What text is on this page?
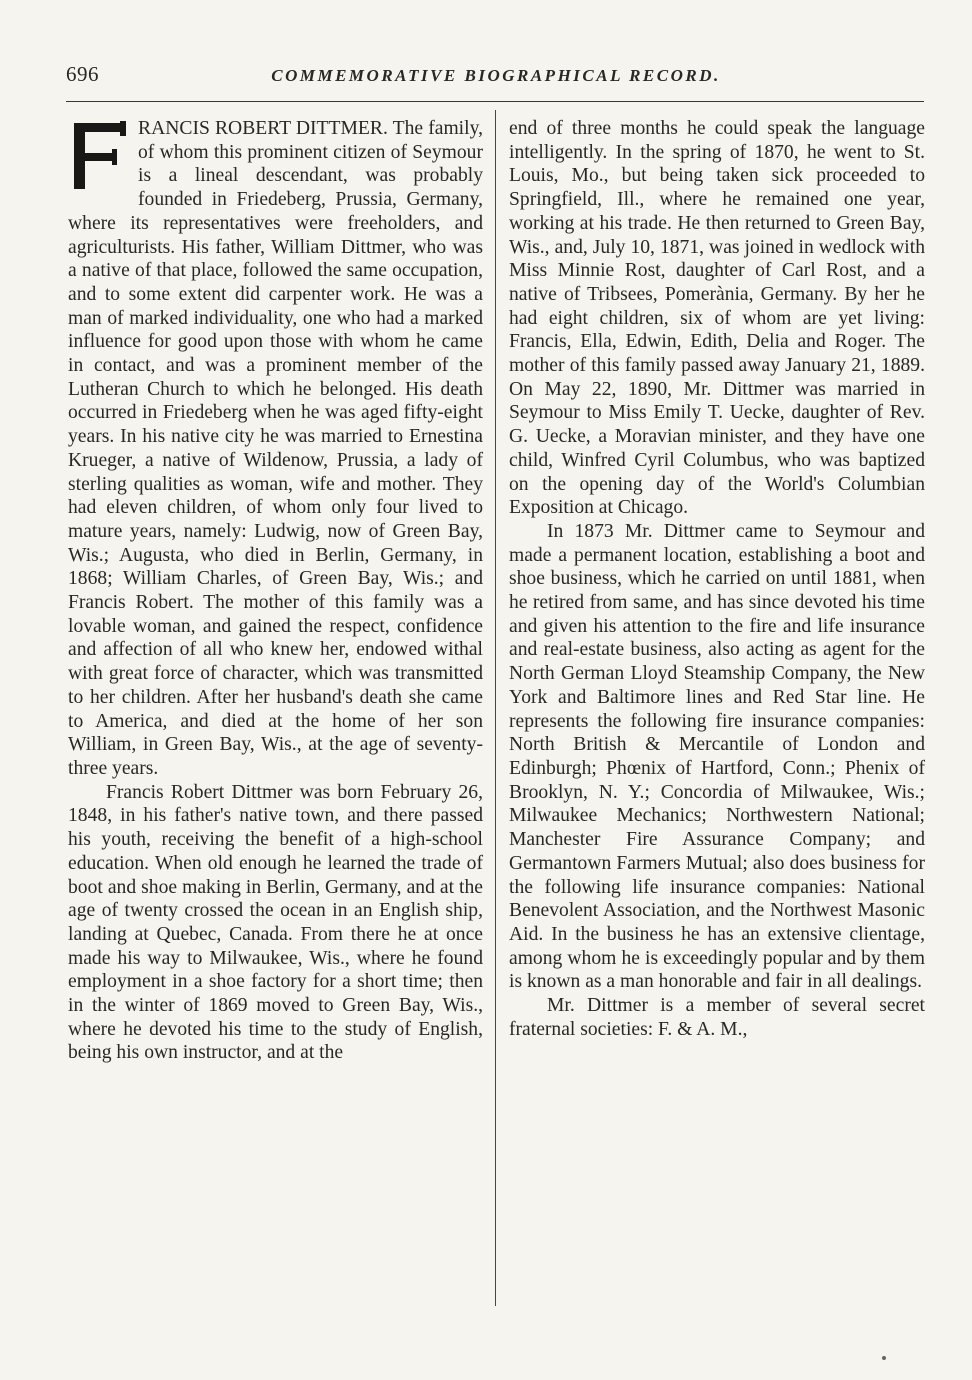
696	COMMEMORATIVE BIOGRAPHICAL RECORD.

RANCIS ROBERT DITTMER. The family, of whom this prominent citizen of Seymour is a lineal descendant, was probably founded in Friedeberg, Prussia, Germany, where its representatives were freeholders, and agriculturists. His father, William Dittmer, who was a native of that place, followed the same occupation, and to some extent did carpenter work. He was a man of marked individuality, one who had a marked influence for good upon those with whom he came in contact, and was a prominent member of the Lutheran Church to which he belonged. His death occurred in Friedeberg when he was aged fifty-eight years. In his native city he was married to Ernestina Krueger, a native of Wildenow, Prussia, a lady of sterling qualities as woman, wife and mother. They had eleven children, of whom only four lived to mature years, namely: Ludwig, now of Green Bay, Wis.; Augusta, who died in Berlin, Germany, in 1868; William Charles, of Green Bay, Wis.; and Francis Robert. The mother of this family was a lovable woman, and gained the respect, confidence and affection of all who knew her, endowed withal with great force of character, which was transmitted to her children. After her husband's death she came to America, and died at the home of her son William, in Green Bay, Wis., at the age of seventy-three years.

Francis Robert Dittmer was born February 26, 1848, in his father's native town, and there passed his youth, receiving the benefit of a high-school education. When old enough he learned the trade of boot and shoe making in Berlin, Germany, and at the age of twenty crossed the ocean in an English ship, landing at Quebec, Canada. From there he at once made his way to Milwaukee, Wis., where he found employment in a shoe factory for a short time; then in the winter of 1869 moved to Green Bay, Wis., where he devoted his time to the study of English, being his own instructor, and at the

end of three months he could speak the language intelligently. In the spring of 1870, he went to St. Louis, Mo., but being taken sick proceeded to Springfield, Ill., where he remained one year, working at his trade. He then returned to Green Bay, Wis., and, July 10, 1871, was joined in wedlock with Miss Minnie Rost, daughter of Carl Rost, and a native of Tribsees, Pomerània, Germany. By her he had eight children, six of whom are yet living: Francis, Ella, Edwin, Edith, Delia and Roger. The mother of this family passed away January 21, 1889. On May 22, 1890, Mr. Dittmer was married in Seymour to Miss Emily T. Uecke, daughter of Rev. G. Uecke, a Moravian minister, and they have one child, Winfred Cyril Columbus, who was baptized on the opening day of the World's Columbian Exposition at Chicago.

In 1873 Mr. Dittmer came to Seymour and made a permanent location, establishing a boot and shoe business, which he carried on until 1881, when he retired from same, and has since devoted his time and given his attention to the fire and life insurance and real-estate business, also acting as agent for the North German Lloyd Steamship Company, the New York and Baltimore lines and Red Star line. He represents the following fire insurance companies: North British & Mercantile of London and Edinburgh; Phœnix of Hartford, Conn.; Phenix of Brooklyn, N. Y.; Concordia of Milwaukee, Wis.; Milwaukee Mechanics; Northwestern National; Manchester Fire Assurance Company; and Germantown Farmers Mutual; also does business for the following life insurance companies: National Benevolent Association, and the Northwest Masonic Aid. In the business he has an extensive clientage, among whom he is exceedingly popular and by them is known as a man honorable and fair in all dealings.

Mr. Dittmer is a member of several secret fraternal societies: F. & A. M.,
